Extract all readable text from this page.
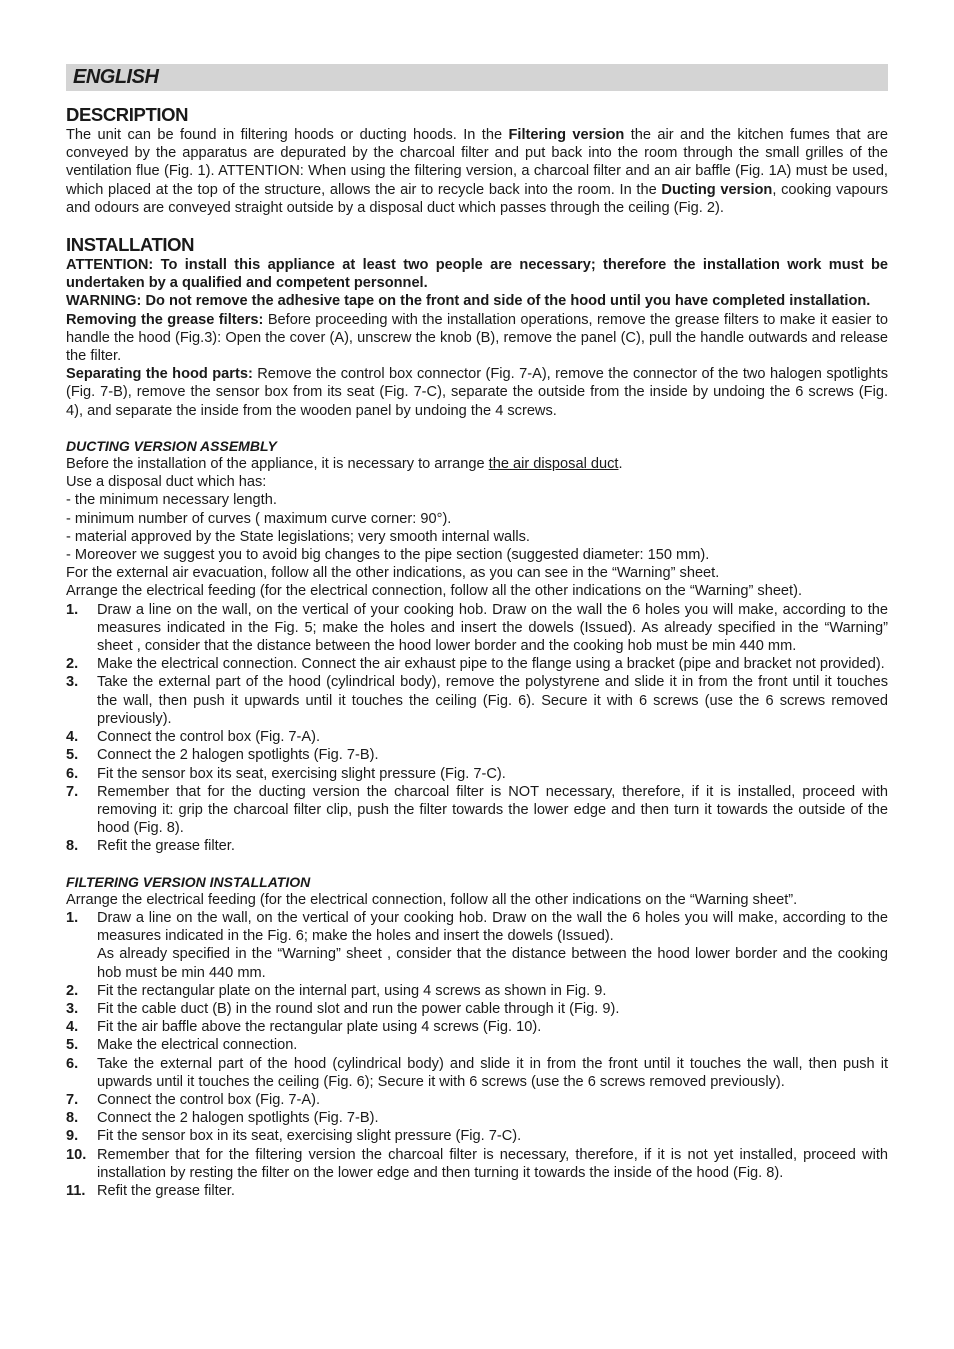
ENGLISH
DESCRIPTION

The unit can be found in filtering hoods or ducting hoods. In the Filtering version the air and the kitchen fumes that are conveyed by the apparatus are depurated by the charcoal filter and put back into the room through the small grilles of the ventilation flue (Fig. 1). ATTENTION: When using the filtering version, a charcoal filter and an air baffle (Fig. 1A) must be used, which placed at the top of the structure, allows the air to recycle back into the room. In the Ducting version, cooking vapours and odours are conveyed straight outside by a disposal duct which passes through the ceiling (Fig. 2).

INSTALLATION

ATTENTION: To install this appliance at least two people are necessary; therefore the installation work must be undertaken by a qualified and competent personnel.

WARNING: Do not remove the adhesive tape on the front and side of the hood until you have completed installation.

Removing the grease filters: Before proceeding with the installation operations, remove the grease filters to make it easier to handle the hood (Fig.3): Open the cover (A), unscrew the knob (B), remove the panel (C), pull the handle outwards and release the filter.

Separating the hood parts: Remove the control box connector (Fig. 7-A), remove the connector of the two halogen spotlights (Fig. 7-B), remove the sensor box from its seat (Fig. 7-C), separate the outside from the inside by undoing the 6 screws (Fig. 4), and separate the inside from the wooden panel by undoing the 4 screws.

DUCTING VERSION ASSEMBLY

Before the installation of the appliance, it is necessary to arrange the air disposal duct.

Use a disposal duct which has:

- the minimum necessary length.

- minimum number of curves ( maximum curve corner: 90°).

- material approved by the State legislations; very smooth internal walls.

- Moreover we suggest you to avoid big changes to the pipe section (suggested diameter: 150 mm).

For the external air evacuation, follow all the other indications, as you can see in the “Warning” sheet.

Arrange the electrical feeding (for the electrical connection, follow all the other indications on the “Warning” sheet).

1.	Draw a line on the wall, on the vertical of your cooking hob. Draw on the wall the 6 holes you will make, according to the measures indicated in the Fig. 5; make the holes and insert the dowels (Issued). As already specified in the “Warning” sheet , consider that the distance between the hood lower border and the cooking hob must be min 440 mm.
2.	Make the electrical connection. Connect the air exhaust pipe to the flange using a bracket (pipe and bracket not provided).
3.	Take the external part of the hood (cylindrical body), remove the polystyrene and slide it in from the front until it touches the wall, then push it upwards until it touches the ceiling (Fig. 6). Secure it with 6 screws (use the 6 screws removed previously).
4.	Connect the control box (Fig. 7-A).
5.	Connect the 2 halogen spotlights (Fig. 7-B).
6.	Fit the sensor box its seat, exercising slight pressure (Fig. 7-C).
7.	Remember that for the ducting version the charcoal filter is NOT necessary, therefore, if it is installed, proceed with removing it: grip the charcoal filter clip, push the filter towards the lower edge and then turn it towards the outside of the hood (Fig. 8).
8.	Refit the grease filter.
FILTERING VERSION INSTALLATION

Arrange the electrical feeding (for the electrical connection, follow all the other indications on the “Warning sheet”.

1.	Draw a line on the wall, on the vertical of your cooking hob. Draw on the wall the 6 holes you will make, according to the measures indicated in the Fig. 6; make the holes and insert the dowels (Issued).
As already specified in the “Warning” sheet , consider that the distance between the hood lower border and the cooking hob must be min 440 mm.
2.	Fit the rectangular plate on the internal part, using 4 screws as shown in Fig. 9.
3.	Fit the cable duct (B) in the round slot and run the power cable through it (Fig. 9).
4.	Fit the air baffle above the rectangular plate using 4 screws (Fig. 10).
5.	Make the electrical connection.
6.	Take the external part of the hood (cylindrical body) and slide it in from the front until it touches the wall, then push it upwards until it touches the ceiling (Fig. 6); Secure it with 6 screws (use the 6 screws removed previously).
7.	Connect the control box (Fig. 7-A).
8.	Connect the 2 halogen spotlights (Fig. 7-B).
9.	Fit the sensor box in its seat, exercising slight pressure (Fig. 7-C).
10. Remember that for the filtering version the charcoal filter is necessary, therefore, if it is not yet installed, proceed with installation by resting the filter on the lower edge and then turning it towards the inside of the hood (Fig. 8).
11. Refit the grease filter.
